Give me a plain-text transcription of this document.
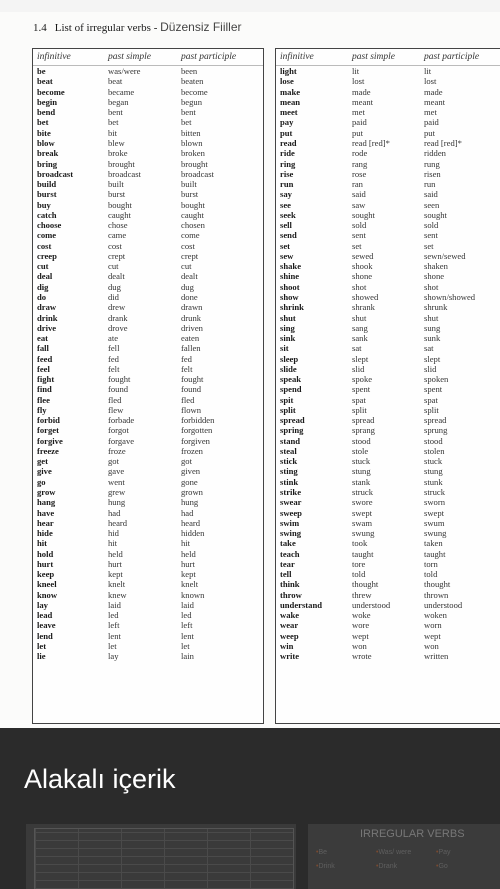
1.4 List of irregular verbs - Düzensiz Fiiller
infinitive	past simple	past participle
be	was/were	been
beat	beat	beaten
become	became	become
begin	began	begun
bend	bent	bent
bet	bet	bet
bite	bit	bitten
blow	blew	blown
break	broke	broken
bring	brought	brought
broadcast	broadcast	broadcast
build	built	built
burst	burst	burst
buy	bought	bought
catch	caught	caught
choose	chose	chosen
come	came	come
cost	cost	cost
creep	crept	crept
cut	cut	cut
deal	dealt	dealt
dig	dug	dug
do	did	done
draw	drew	drawn
drink	drank	drunk
drive	drove	driven
eat	ate	eaten
fall	fell	fallen
feed	fed	fed
feel	felt	felt
fight	fought	fought
find	found	found
flee	fled	fled
fly	flew	flown
forbid	forbade	forbidden
forget	forgot	forgotten
forgive	forgave	forgiven
freeze	froze	frozen
get	got	got
give	gave	given
go	went	gone
grow	grew	grown
hang	hung	hung
have	had	had
hear	heard	heard
hide	hid	hidden
hit	hit	hit
hold	held	held
hurt	hurt	hurt
keep	kept	kept
kneel	knelt	knelt
know	knew	known
lay	laid	laid
lead	led	led
leave	left	left
lend	lent	lent
let	let	let
lie	lay	lain
infinitive	past simple	past participle
light	lit	lit
lose	lost	lost
make	made	made
mean	meant	meant
meet	met	met
pay	paid	paid
put	put	put
read	read [red]*	read [red]*
ride	rode	ridden
ring	rang	rung
rise	rose	risen
run	ran	run
say	said	said
see	saw	seen
seek	sought	sought
sell	sold	sold
send	sent	sent
set	set	set
sew	sewed	sewn/sewed
shake	shook	shaken
shine	shone	shone
shoot	shot	shot
show	showed	shown/showed
shrink	shrank	shrunk
shut	shut	shut
sing	sang	sung
sink	sank	sunk
sit	sat	sat
sleep	slept	slept
slide	slid	slid
speak	spoke	spoken
spend	spent	spent
spit	spat	spat
split	split	split
spread	spread	spread
spring	sprang	sprung
stand	stood	stood
steal	stole	stolen
stick	stuck	stuck
sting	stung	stung
stink	stank	stunk
strike	struck	struck
swear	swore	sworn
sweep	swept	swept
swim	swam	swum
swing	swung	swung
take	took	taken
teach	taught	taught
tear	tore	torn
tell	told	told
think	thought	thought
throw	threw	thrown
understand	understood	understood
wake	woke	woken
wear	wore	worn
weep	wept	wept
win	won	won
write	wrote	written
Alakalı içerik
IRREGULAR VERBS
• Be	• Was/ were	• Pay• Drink	• Drank	• Go
